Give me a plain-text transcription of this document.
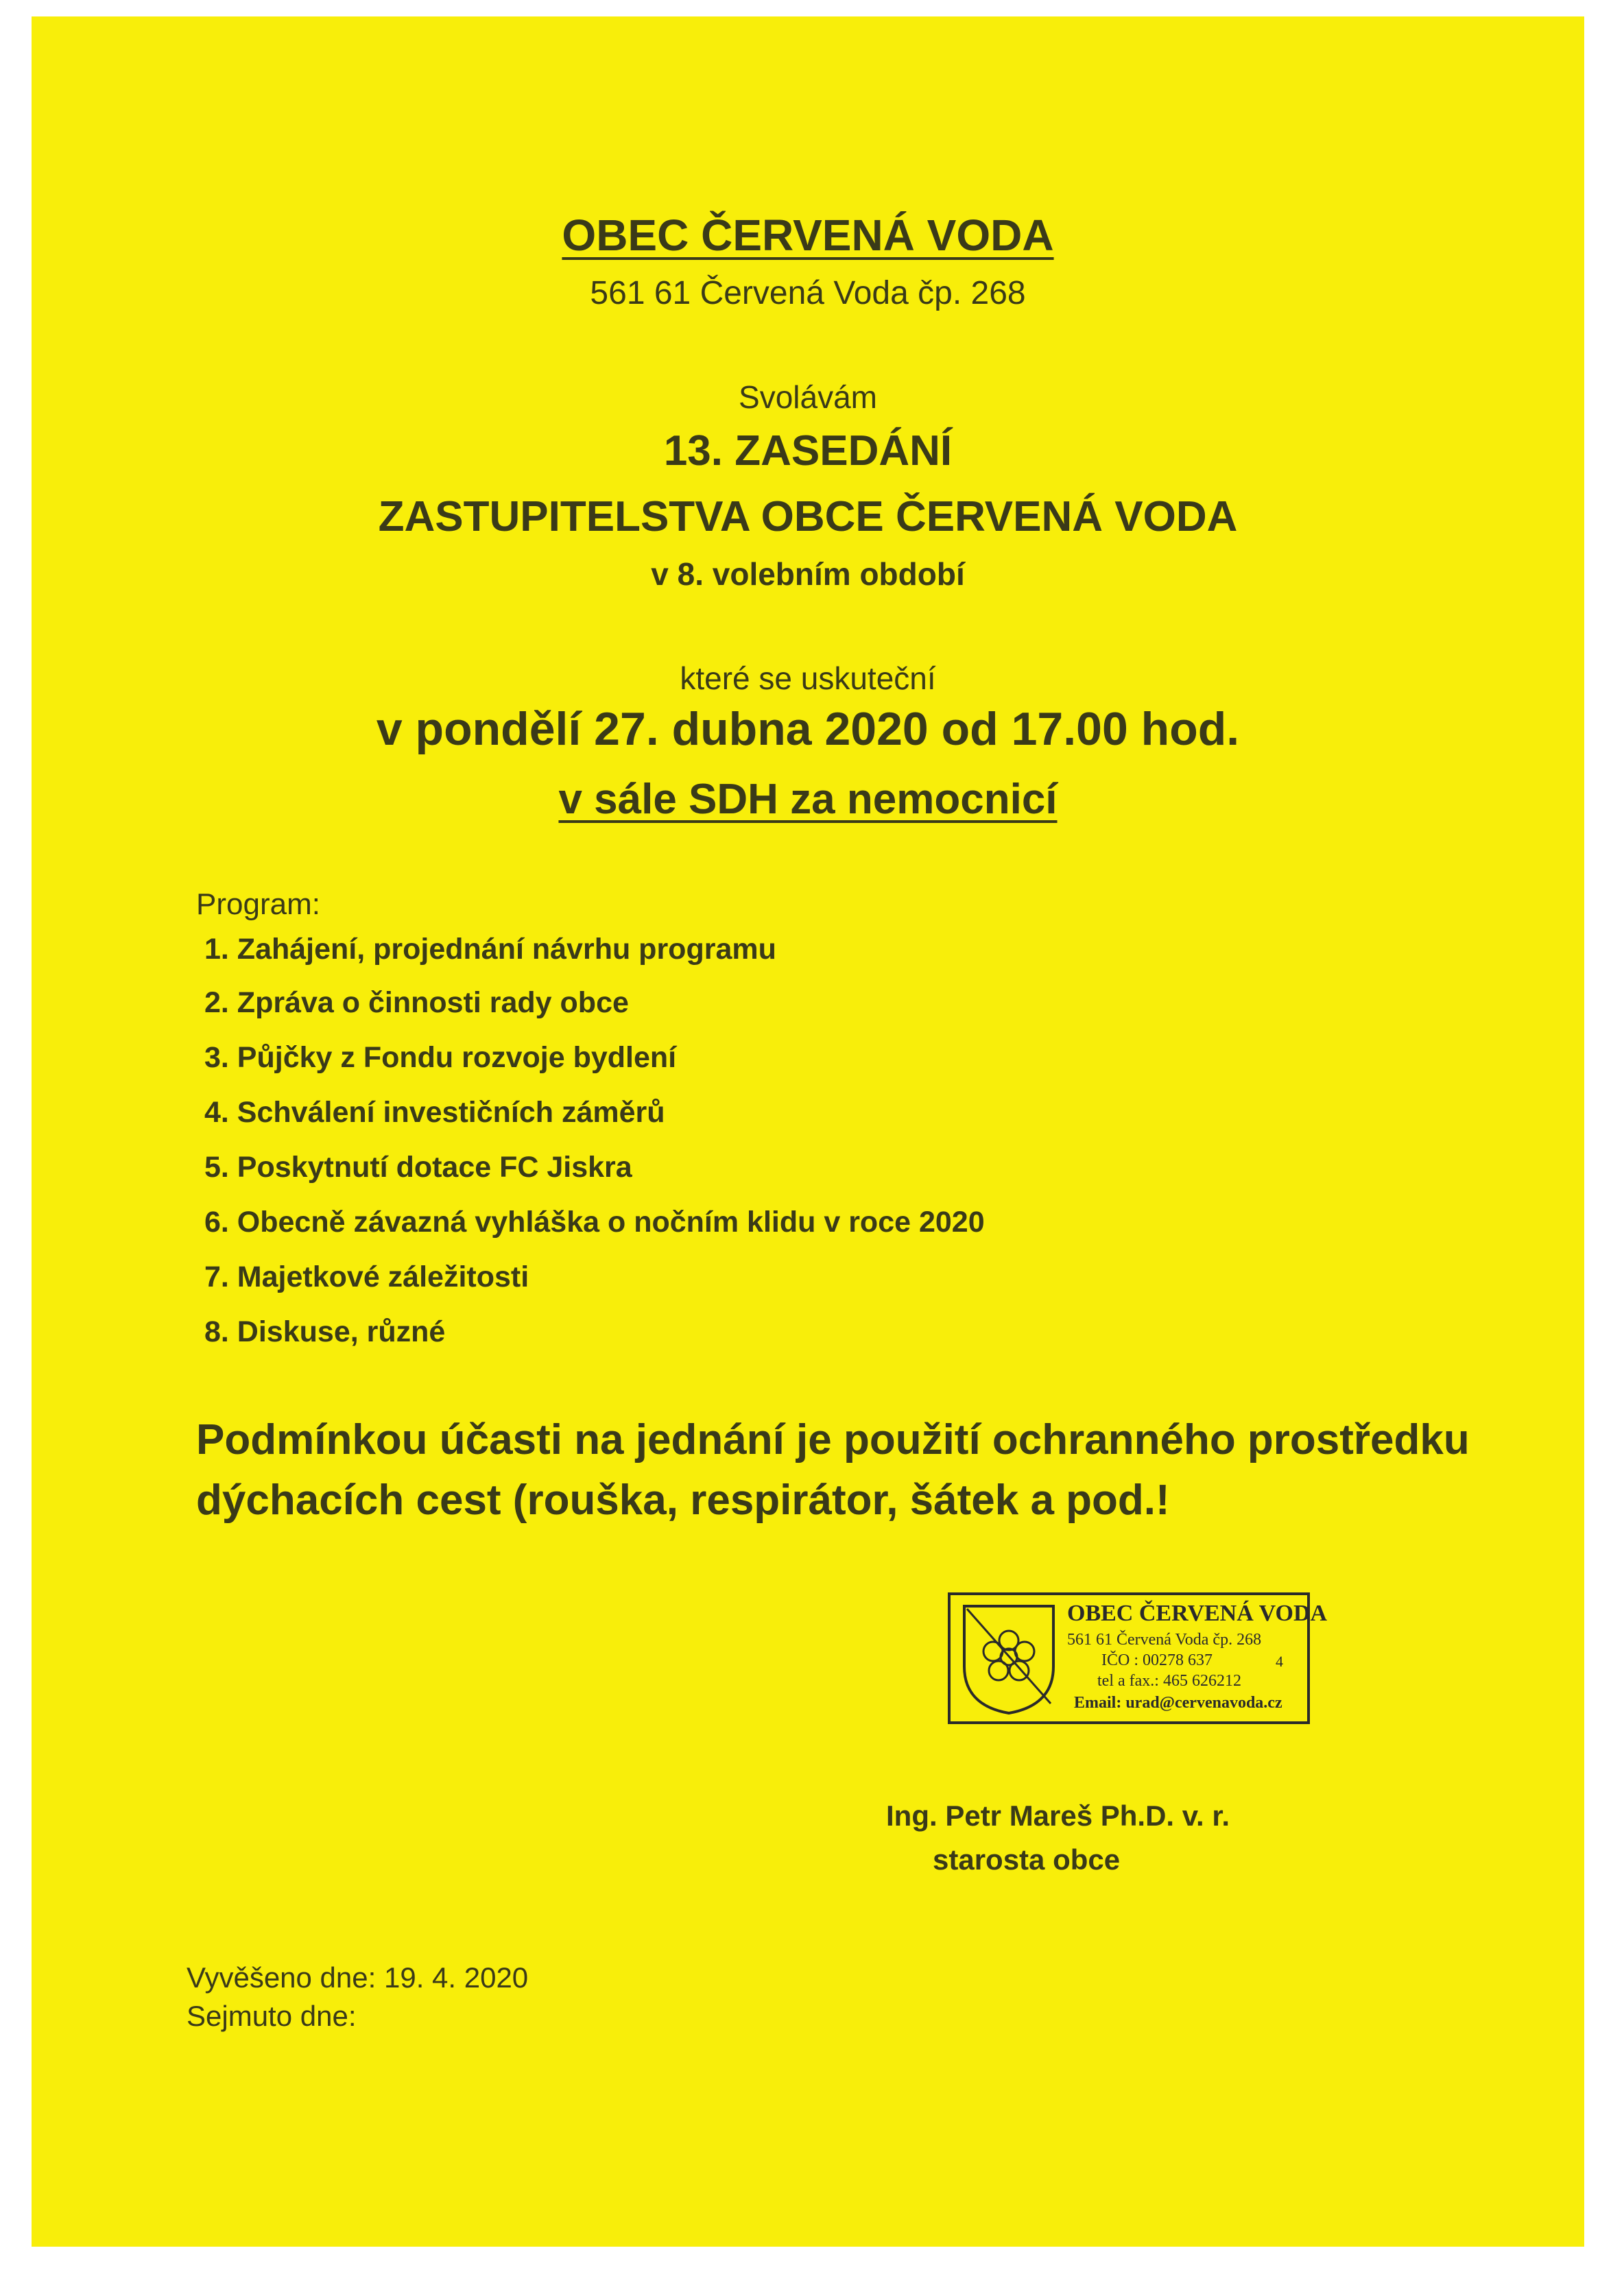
OBEC ČERVENÁ VODA
561 61 Červená Voda čp. 268
Svolávám
13. ZASEDÁNÍ
ZASTUPITELSTVA OBCE ČERVENÁ VODA
v 8. volebním období
které se uskuteční
v pondělí 27. dubna 2020 od 17.00 hod.
v sále SDH za nemocnicí
Program:
1. Zahájení, projednání návrhu programu
2. Zpráva o činnosti rady obce
3. Půjčky z Fondu rozvoje bydlení
4. Schválení investičních záměrů
5. Poskytnutí dotace FC Jiskra
6. Obecně závazná vyhláška o nočním klidu v roce 2020
7. Majetkové záležitosti
8. Diskuse, různé
Podmínkou účasti na jednání je použití ochranného prostředku
dýchacích cest (rouška, respirátor, šátek a pod.!
OBEC ČERVENÁ VODA
561 61 Červená Voda čp. 268
IČO : 00278 637	4
tel a fax.: 465 626212
Email: urad@cervenavoda.cz
Ing. Petr Mareš Ph.D. v. r.
starosta obce
Vyvěšeno dne: 19. 4. 2020
Sejmuto dne:
